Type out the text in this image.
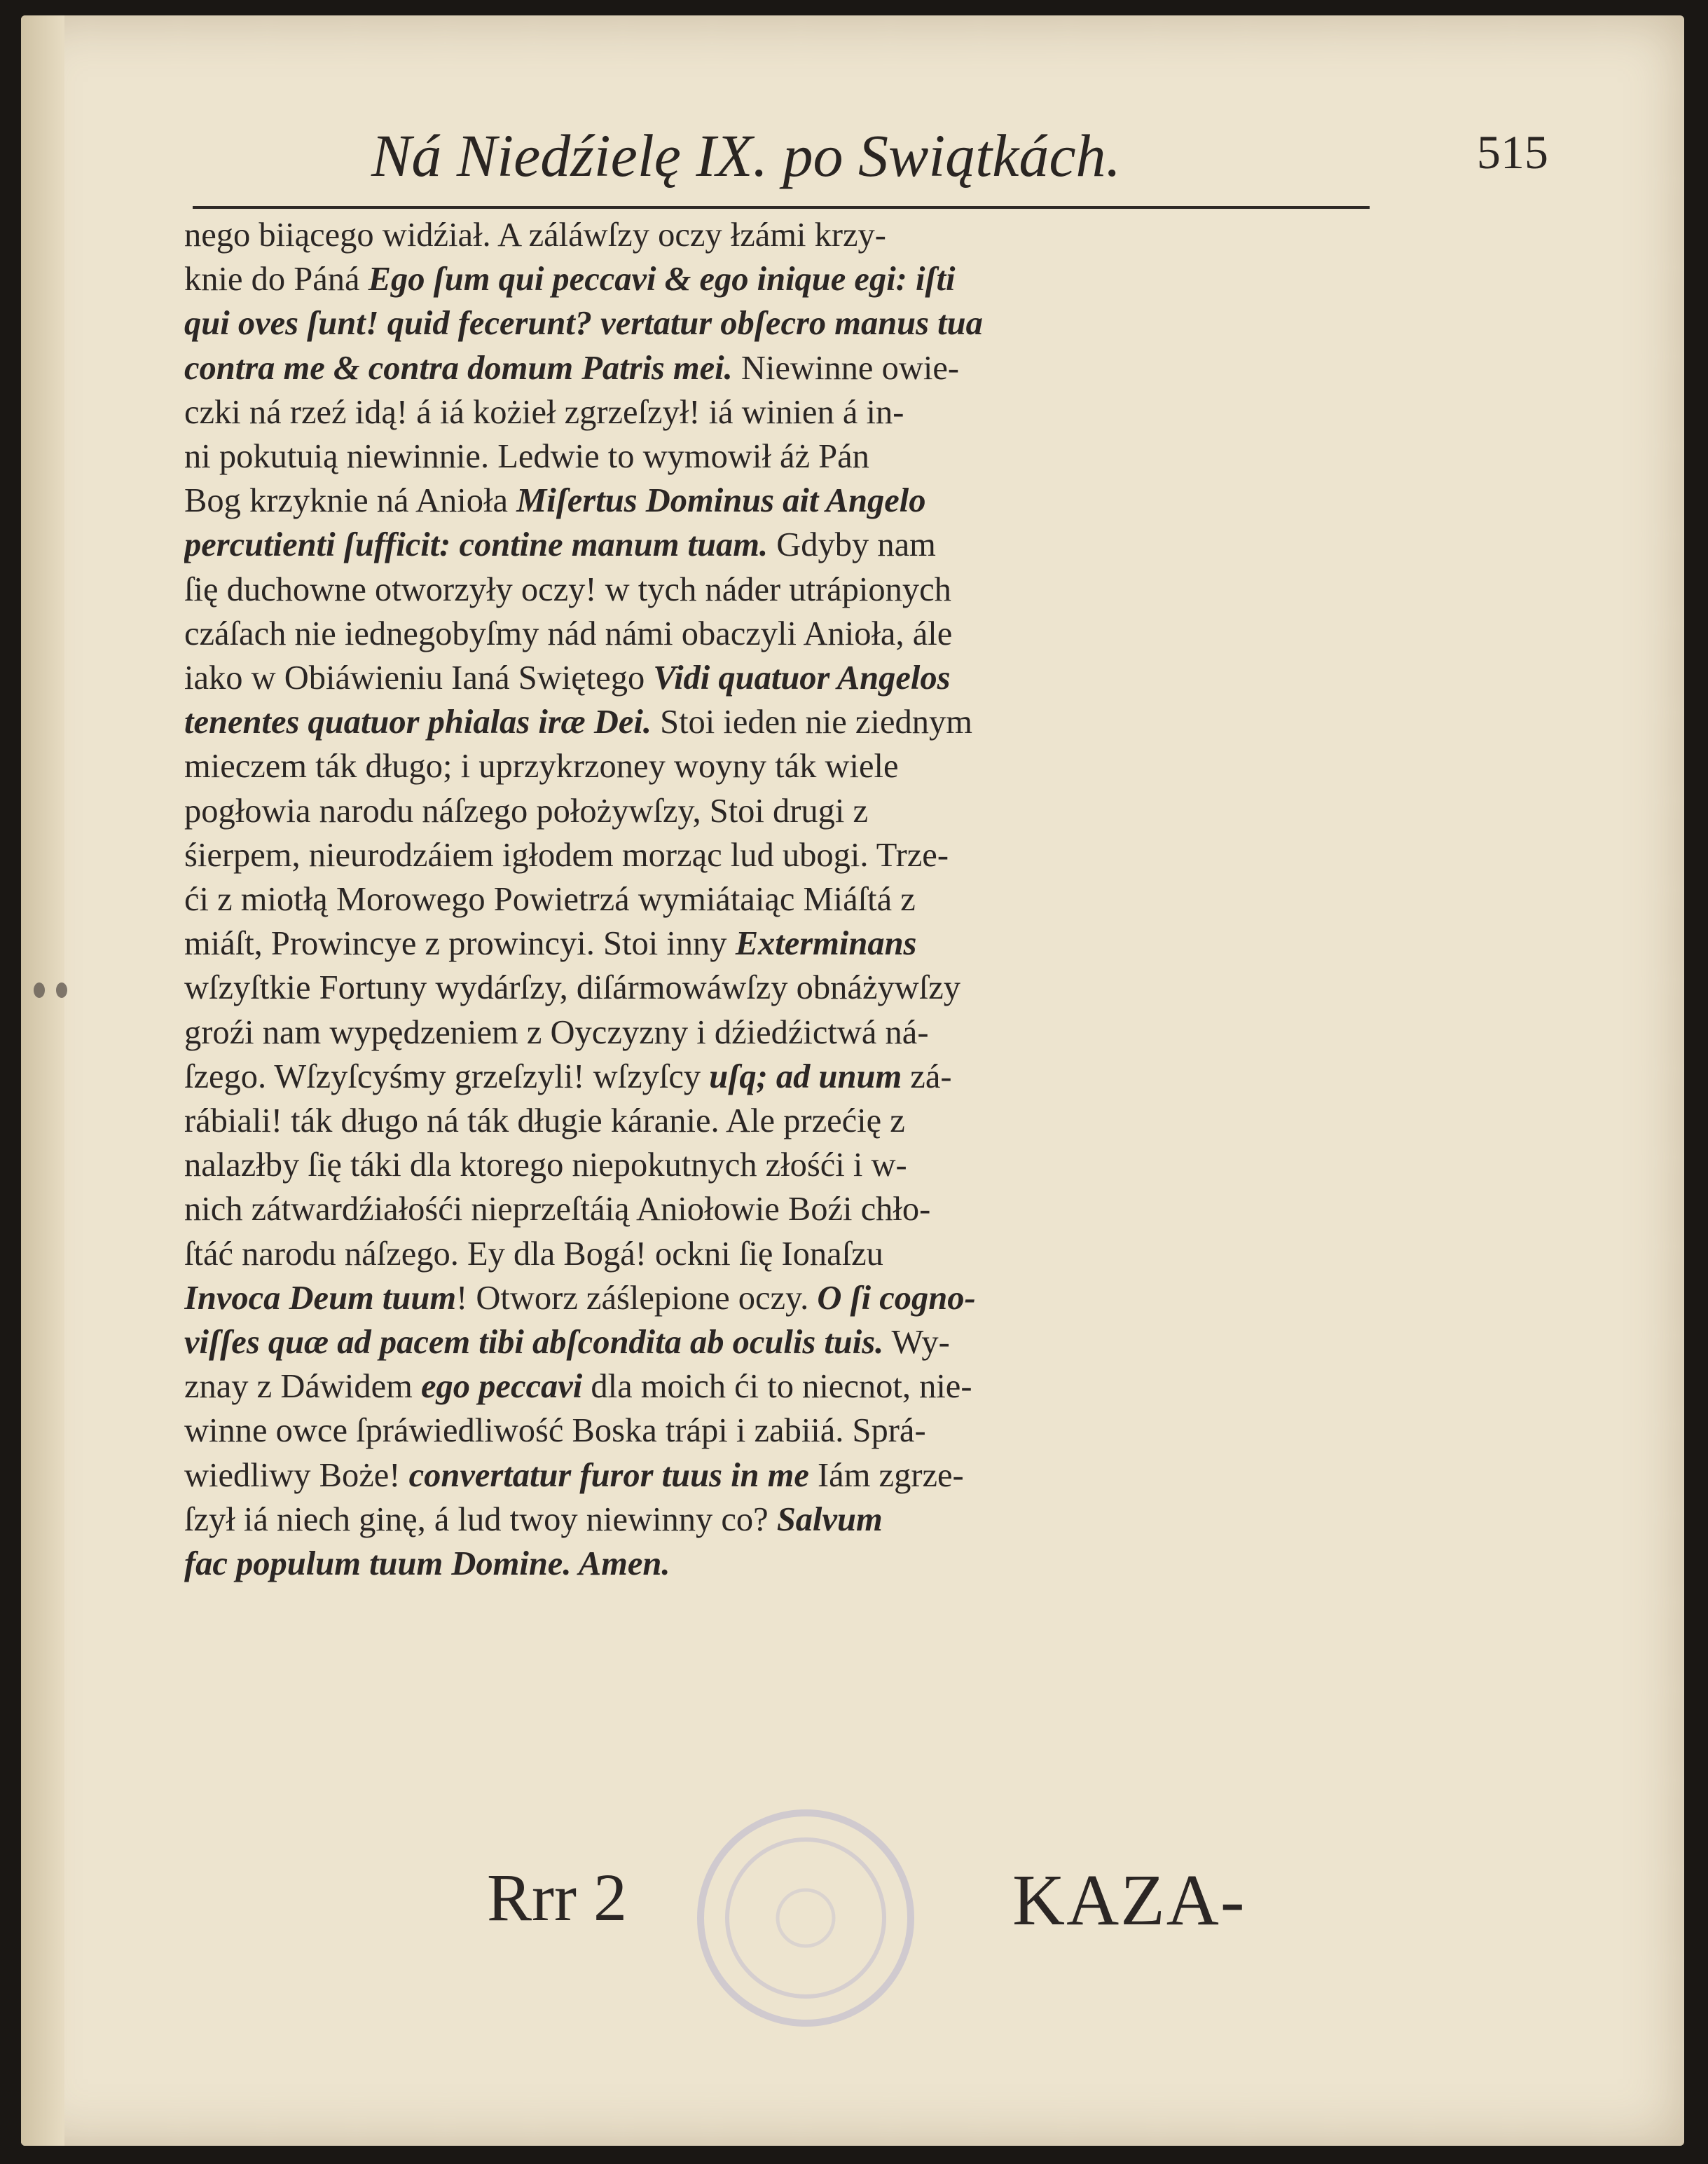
Ná Niedźielę IX. po Swiątkách.	515
nego biiącego widźiał. A záláwſzy oczy łzámi krzy-
knie do Páná Ego ſum qui peccavi & ego inique egi: iſti
qui oves ſunt! quid fecerunt? vertatur obſecro manus tua
contra me & contra domum Patris mei. Niewinne owie-
czki ná rzeź idą! á iá kożieł zgrzeſzył! iá winien á in-
ni pokutuią niewinnie. Ledwie to wymowił áż Pán
Bog krzyknie ná Anioła Miſertus Dominus ait Angelo
percutienti ſufficit: contine manum tuam. Gdyby nam
ſię duchowne otworzyły oczy! w tych náder utrápionych
czáſach nie iednegobyſmy nád námi obaczyli Anioła, ále
iako w Obiáwieniu Ianá Swiętego Vidi quatuor Angelos
tenentes quatuor phialas iræ Dei. Stoi ieden nie ziednym
mieczem ták długo; i uprzykrzoney woyny ták wiele
pogłowia narodu náſzego położywſzy, Stoi drugi z
śierpem, nieurodzáiem igłodem morząc lud ubogi. Trze-
ći z miotłą Morowego Powietrzá wymiátaiąc Miáſtá z
miáſt, Prowincye z prowincyi. Stoi inny Exterminans
wſzyſtkie Fortuny wydárſzy, diſármowáwſzy obnáżywſzy
groźi nam wypędzeniem z Oyczyzny i dźiedźictwá ná-
ſzego. Wſzyſcyśmy grzeſzyli! wſzyſcy uſq; ad unum zá-
rábiali! ták długo ná ták długie káranie. Ale przećię z
nalazłby ſię táki dla ktorego niepokutnych złośći i w-
nich zátwardźiałośći nieprzeſtáią Aniołowie Boźi chło-
ſtáć narodu náſzego. Ey dla Bogá! ockni ſię Ionaſzu
Invoca Deum tuum! Otworz záślepione oczy. O ſi cogno-
viſſes quæ ad pacem tibi abſcondita ab oculis tuis. Wy-
znay z Dáwidem ego peccavi dla moich ći to niecnot, nie-
winne owce ſpráwiedliwość Boska trápi i zabiiá. Sprá-
wiedliwy Boże! convertatur furor tuus in me Iám zgrze-
ſzył iá niech ginę, á lud twoy niewinny co? Salvum
fac populum tuum Domine. Amen.
Rrr 2	KAZA-
